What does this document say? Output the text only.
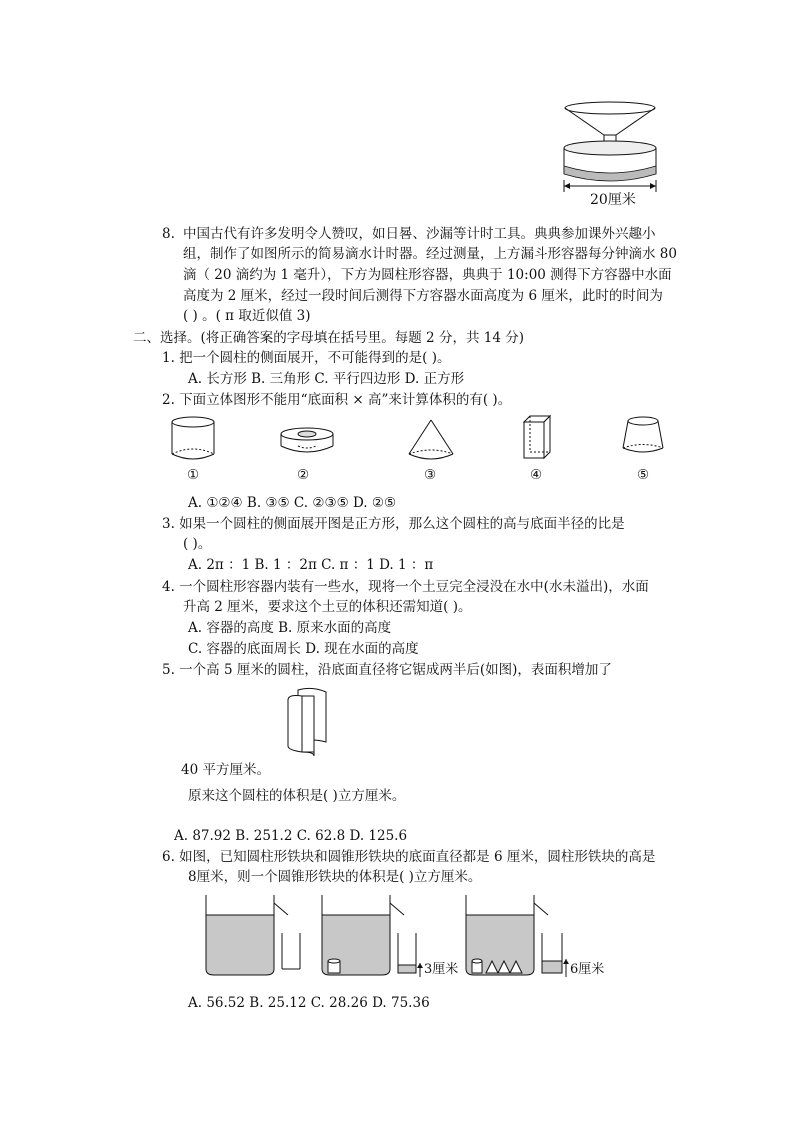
20厘米
8. 中国古代有许多发明令人赞叹，如日晷、沙漏等计时工具。典典参加课外兴趣小
组，制作了如图所示的简易滴水计时器。经过测量，上方漏斗形容器每分钟滴水 80
滴（ 20 滴约为 1 毫升），下方为圆柱形容器，典典于 10:00 测得下方容器中水面
高度为 2 厘米，经过一段时间后测得下方容器水面高度为 6 厘米，此时的时间为
( ) 。( π 取近似值 3)
二、选择。(将正确答案的字母填在括号里。每题 2 分，共 14 分)
1. 把一个圆柱的侧面展开，不可能得到的是( )。
A. 长方形 B. 三角形 C. 平行四边形 D. 正方形
2. 下面立体图形不能用“底面积 × 高”来计算体积的有( )。
①	②	③	④	⑤
A. ①②④ B. ③⑤ C. ②③⑤ D. ②⑤
3. 如果一个圆柱的侧面展开图是正方形，那么这个圆柱的高与底面半径的比是
( )。
A. 2π ：1 B. 1 ：2π C. π ：1 D. 1 ：π
4. 一个圆柱形容器内装有一些水，现将一个土豆完全浸没在水中(水未溢出)，水面
升高 2 厘米，要求这个土豆的体积还需知道( )。
A. 容器的高度 B. 原来水面的高度
C. 容器的底面周长 D. 现在水面的高度
5. 一个高 5 厘米的圆柱，沿底面直径将它锯成两半后(如图)，表面积增加了
40 平方厘米。
原来这个圆柱的体积是( )立方厘米。
A. 87.92 B. 251.2 C. 62.8 D. 125.6
6. 如图，已知圆柱形铁块和圆锥形铁块的底面直径都是 6 厘米，圆柱形铁块的高是
8厘米，则一个圆锥形铁块的体积是( )立方厘米。
3厘米	6厘米
A. 56.52 B. 25.12 C. 28.26 D. 75.36
